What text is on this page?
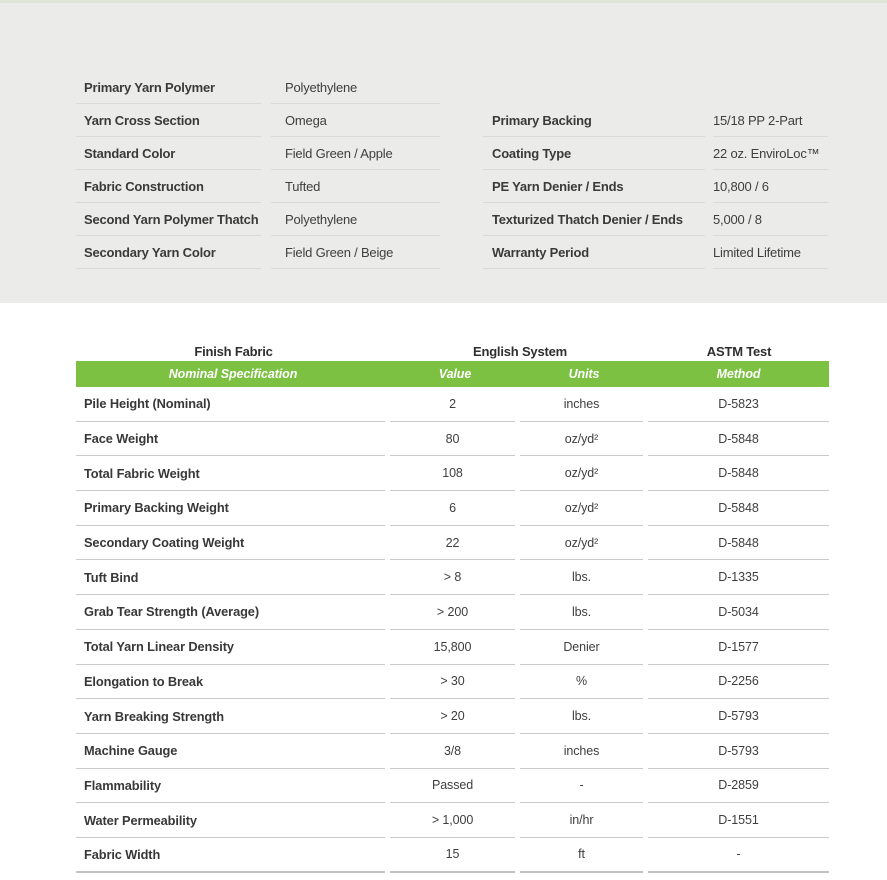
Primary Yarn Polymer	Polyethylene
Yarn Cross Section	Omega
Standard Color	Field Green / Apple
Fabric Construction	Tufted
Second Yarn Polymer Thatch	Polyethylene
Secondary Yarn Color	Field Green / Beige
Primary Backing	15/18 PP 2-Part
Coating Type	22 oz. EnviroLoc™
PE Yarn Denier / Ends	10,800 / 6
Texturized Thatch Denier / Ends	5,000 / 8
Warranty Period	Limited Lifetime
Finish Fabric	English System	ASTM Test
Nominal Specification	Value	Units	Method
Pile Height (Nominal)	2	inches	D-5823
Face Weight	80	oz/yd²	D-5848
Total Fabric Weight	108	oz/yd²	D-5848
Primary Backing Weight	6	oz/yd²	D-5848
Secondary Coating Weight	22	oz/yd²	D-5848
Tuft Bind	> 8	lbs.	D-1335
Grab Tear Strength (Average)	> 200	lbs.	D-5034
Total Yarn Linear Density	15,800	Denier	D-1577
Elongation to Break	> 30	%	D-2256
Yarn Breaking Strength	> 20	lbs.	D-5793
Machine Gauge	3/8	inches	D-5793
Flammability	Passed	-	D-2859
Water Permeability	> 1,000	in/hr	D-1551
Fabric Width	15	ft	-
